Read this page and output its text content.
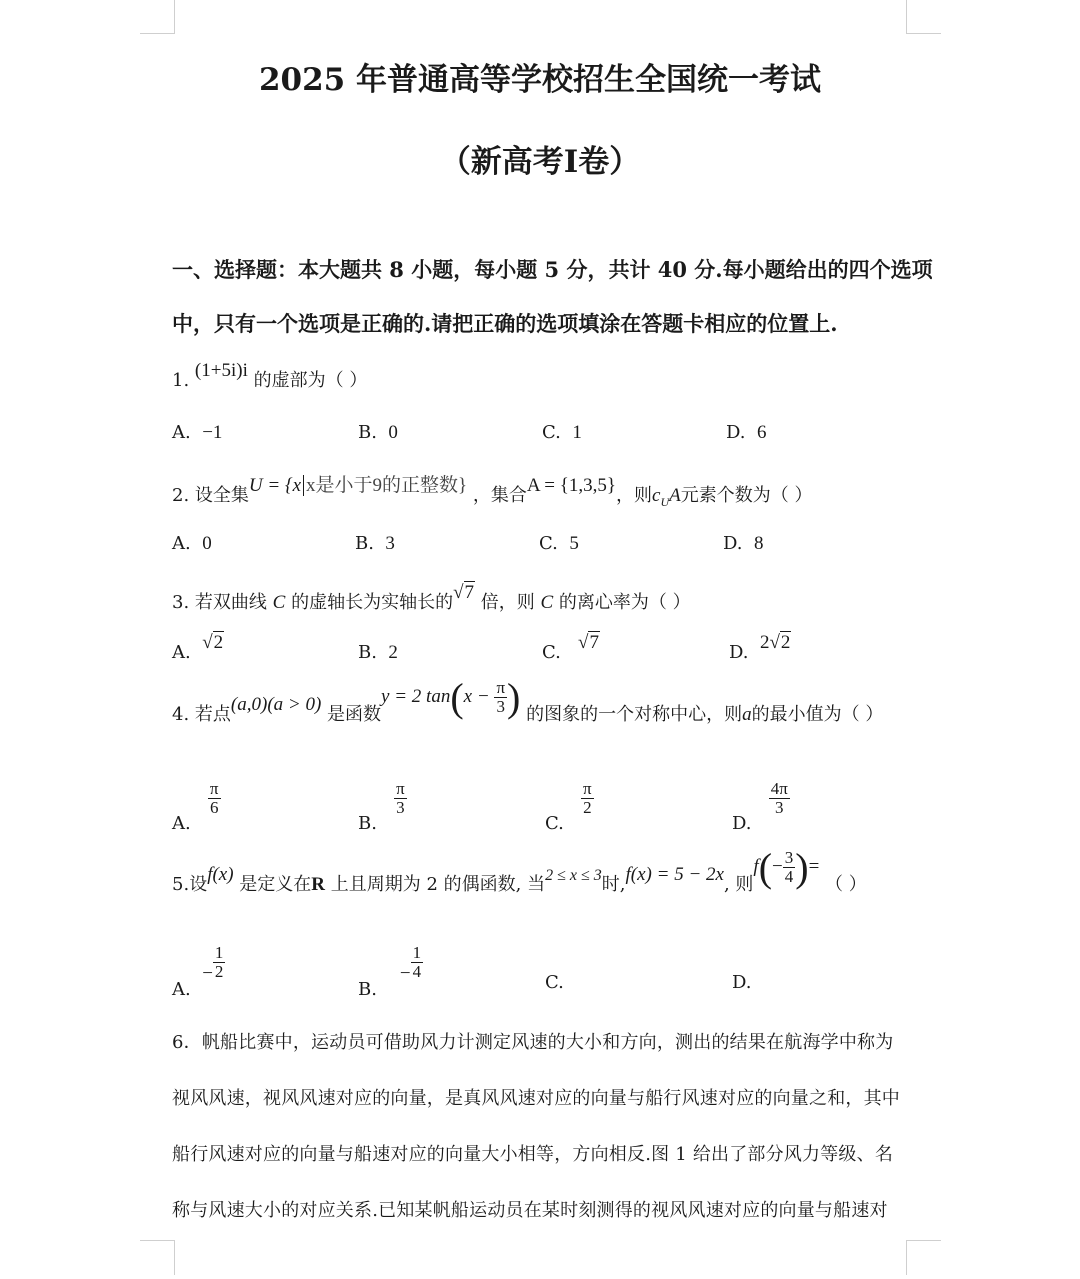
2025 年普通高等学校招生全国统一考试
（新高考Ⅰ卷）
一、选择题：本大题共 8 小题，每小题 5 分，共计 40 分.每小题给出的四个选项
中，只有一个选项是正确的.请把正确的选项填涂在答题卡相应的位置上.
1. (1+5i)i 的虚部为（ ）
A. −1	B. 0	C. 1	D. 6
2. 设全集U = {x x是小于9的正整数} ，集合A = {1,3,5}，则$c_UA$元素个数为（ ）
A. 0	B. 3	C. 5	D. 8
3. 若双曲线 C 的虚轴长为实轴长的√7 倍，则 C 的离心率为（ ）
A. √2	B. 2	C. √7	D. 2√2
4. 若点(a,0)(a > 0) 是函数y = 2 $\tan(x - \frac{\pi}{3}$ ) 的图象的一个对称中心，则a的最小值为（ ）
A.
$\frac{\pi}{6}$
B.
$\frac{\pi}{3}$
C.
$\frac{\pi}{2}$
D.
$\frac{4\pi}{3}$
5.设f(x) 是定义在R 上且周期为 2 的偶函数, 当2 ≤ x ≤ 3时,f(x) = 5 − 2x, 则$f(- \frac{3}{4}$ )= （ ）
A.  − $\frac{1}{2}$
B.    − $\frac{1}{4}$
C.	D.
6．帆船比赛中，运动员可借助风力计测定风速的大小和方向，测出的结果在航海学中称为
视风风速，视风风速对应的向量，是真风风速对应的向量与船行风速对应的向量之和，其中
船行风速对应的向量与船速对应的向量大小相等，方向相反.图 1 给出了部分风力等级、名
称与风速大小的对应关系.已知某帆船运动员在某时刻测得的视风风速对应的向量与船速对
